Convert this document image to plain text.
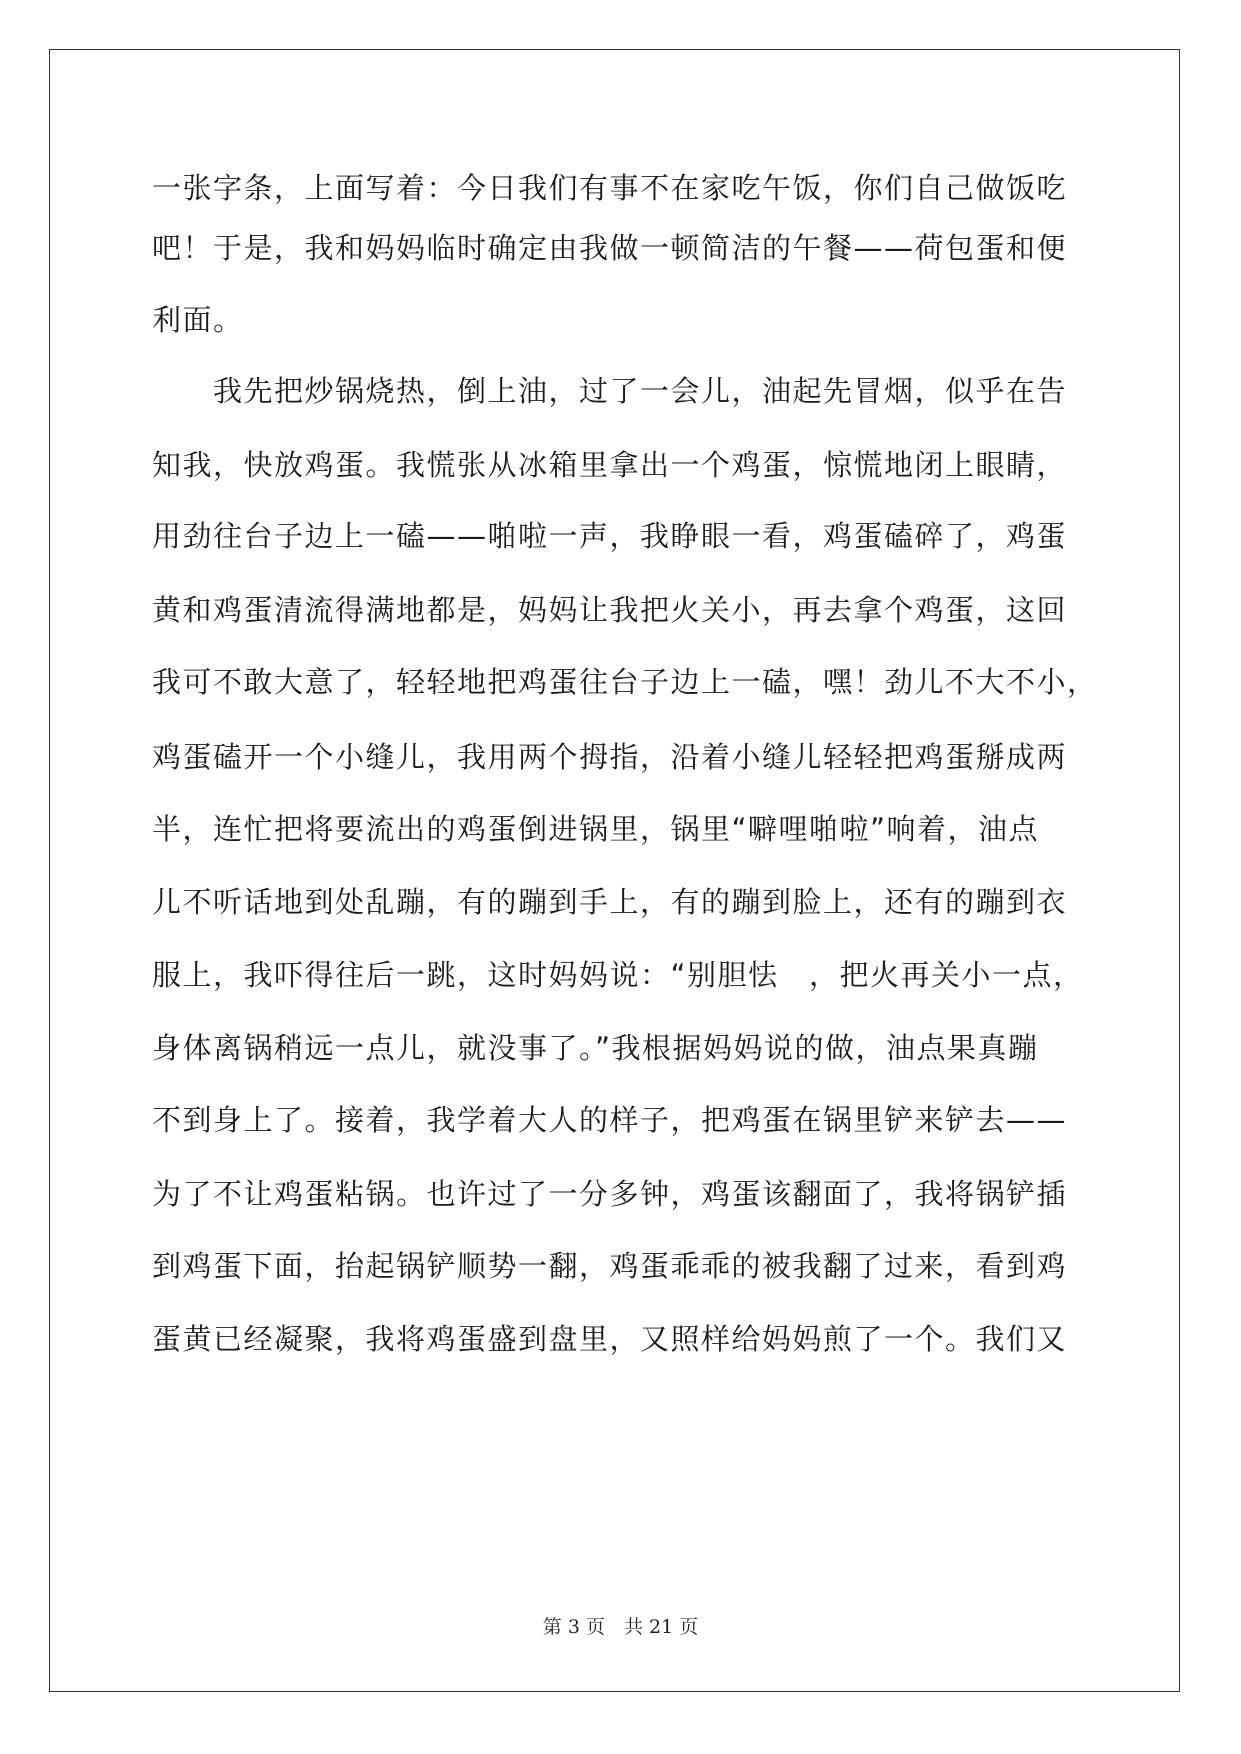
一张字条，上面写着：今日我们有事不在家吃午饭，你们自己做饭吃
吧！于是，我和妈妈临时确定由我做一顿简洁的午餐——荷包蛋和便
利面。
　　我先把炒锅烧热，倒上油，过了一会儿，油起先冒烟，似乎在告
知我，快放鸡蛋。我慌张从冰箱里拿出一个鸡蛋，惊慌地闭上眼睛，
用劲往台子边上一磕——啪啦一声，我睁眼一看，鸡蛋磕碎了，鸡蛋
黄和鸡蛋清流得满地都是，妈妈让我把火关小，再去拿个鸡蛋，这回
我可不敢大意了，轻轻地把鸡蛋往台子边上一磕，嘿！劲儿不大不小，
鸡蛋磕开一个小缝儿，我用两个拇指，沿着小缝儿轻轻把鸡蛋掰成两
半，连忙把将要流出的鸡蛋倒进锅里，锅里“噼哩啪啦”响着，油点
儿不听话地到处乱蹦，有的蹦到手上，有的蹦到脸上，还有的蹦到衣
服上，我吓得往后一跳，这时妈妈说：“别胆怯　，把火再关小一点，
身体离锅稍远一点儿，就没事了。”我根据妈妈说的做，油点果真蹦
不到身上了。接着，我学着大人的样子，把鸡蛋在锅里铲来铲去——
为了不让鸡蛋粘锅。也许过了一分多钟，鸡蛋该翻面了，我将锅铲插
到鸡蛋下面，抬起锅铲顺势一翻，鸡蛋乖乖的被我翻了过来，看到鸡
蛋黄已经凝聚，我将鸡蛋盛到盘里，又照样给妈妈煎了一个。我们又
第 3 页　共 21 页
